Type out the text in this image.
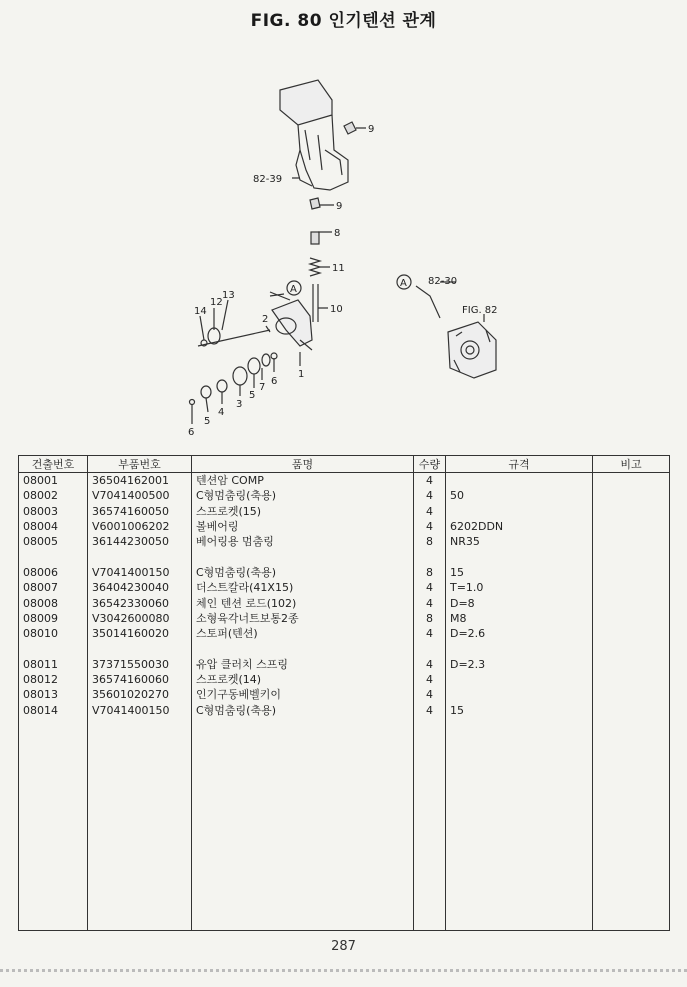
FIG. 80 인기텐션 관계
9
82-39
9
8
11
10
12
13
14
2
1
6
7
5
3
4
5
6
82-30
FIG. 82
A
A
건출번호	부품번호	품명	수량	규격	비고
08001	36504162001	텐션암 COMP	4		
08002	V7041400500	C형멈춤링(축용)	4	50	
08003	36574160050	스프로켓(15)	4		
08004	V6001006202	볼베어링	4	6202DDN	
08005	36144230050	베어링용 멈춤링	8	NR35	

08006	V7041400150	C형멈춤링(축용)	8	15	
08007	36404230040	더스트칼라(41X15)	4	T=1.0	
08008	36542330060	체인 텐션 로드(102)	4	D=8	
08009	V3042600080	소형육각너트보통2종	8	M8	
08010	35014160020	스토퍼(텐션)	4	D=2.6	

08011	37371550030	유압 클러치 스프링	4	D=2.3	
08012	36574160060	스프로켓(14)	4		
08013	35601020270	인기구동베벨키이	4		
08014	V7041400150	C형멈춤링(축용)	4	15	

287
